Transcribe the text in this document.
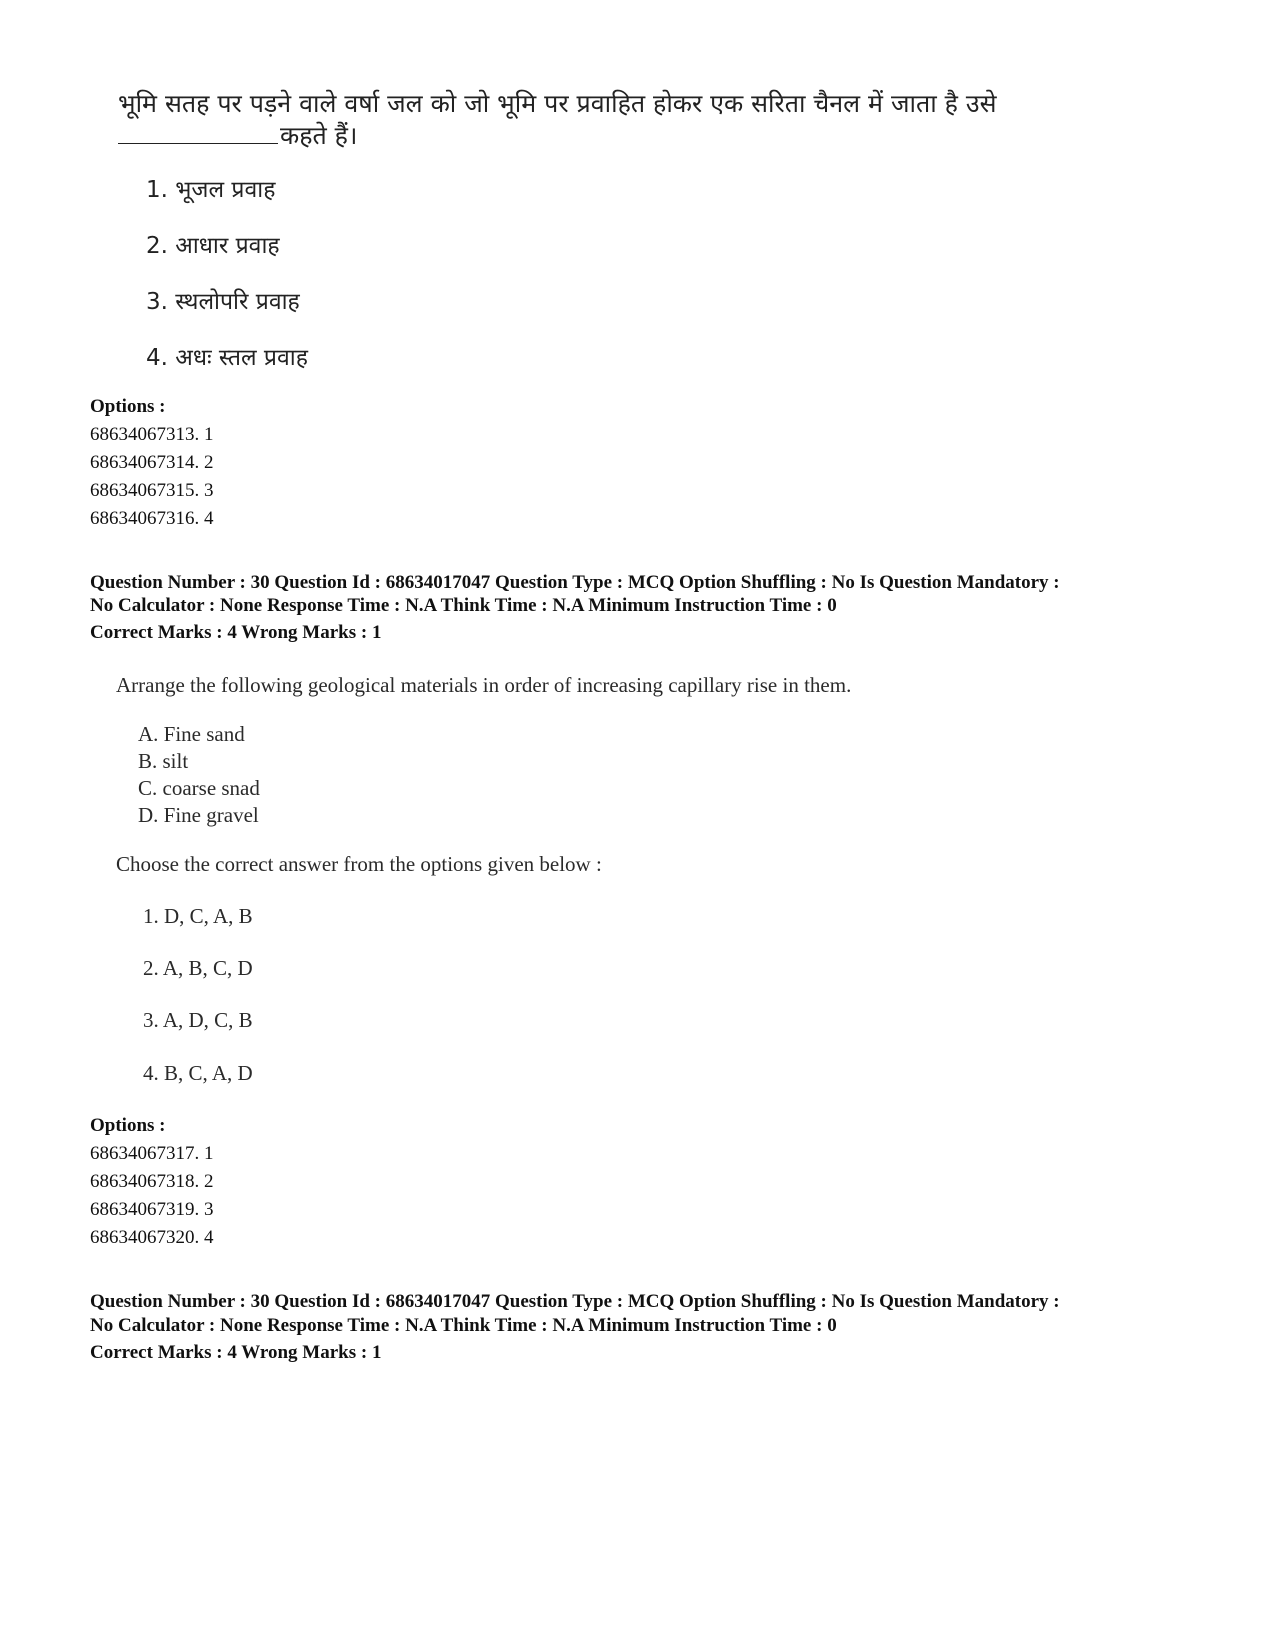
भूमि सतह पर पड़ने वाले वर्षा जल को जो भूमि पर प्रवाहित होकर एक सरिता चैनल में जाता है उसे
कहते हैं।
1. भूजल प्रवाह
2. आधार प्रवाह
3. स्थलोपरि प्रवाह
4. अधः स्तल प्रवाह
Options :
68634067313. 1
68634067314. 2
68634067315. 3
68634067316. 4
Question Number : 30 Question Id : 68634017047 Question Type : MCQ Option Shuffling : No Is Question Mandatory :
No Calculator : None Response Time : N.A Think Time : N.A Minimum Instruction Time : 0
Correct Marks : 4 Wrong Marks : 1
Arrange the following geological materials in order of increasing capillary rise in them.
A. Fine sand
B. silt
C. coarse snad
D. Fine gravel
Choose the correct answer from the options given below :
1. D, C, A, B
2. A, B, C, D
3. A, D, C, B
4. B, C, A, D
Options :
68634067317. 1
68634067318. 2
68634067319. 3
68634067320. 4
Question Number : 30 Question Id : 68634017047 Question Type : MCQ Option Shuffling : No Is Question Mandatory :
No Calculator : None Response Time : N.A Think Time : N.A Minimum Instruction Time : 0
Correct Marks : 4 Wrong Marks : 1
